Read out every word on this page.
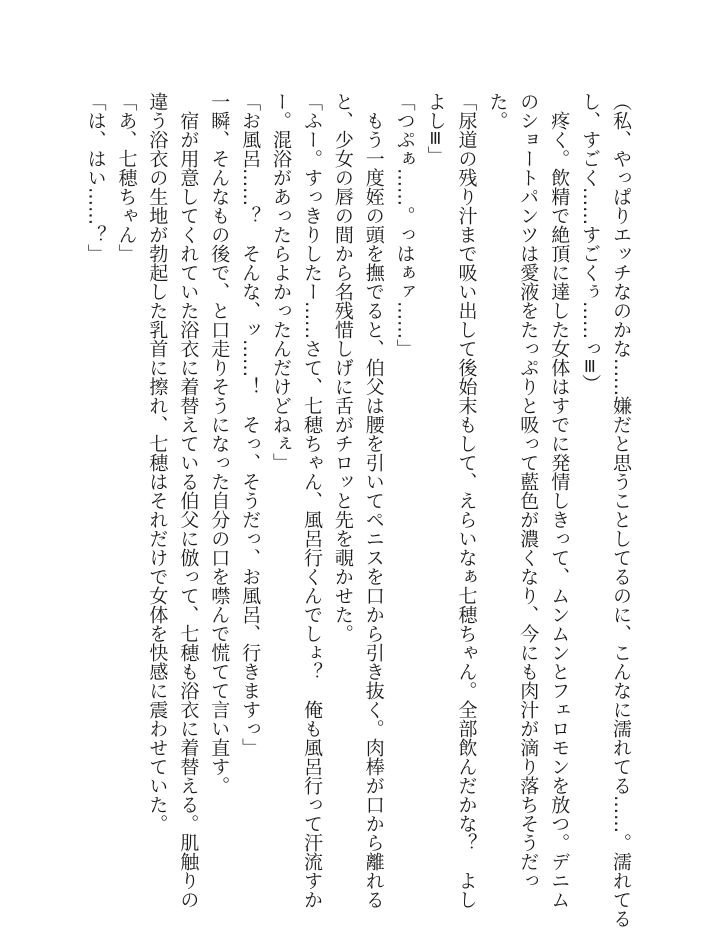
（私、やっぱりエッチなのかな……嫌だと思うことしてるのに、こんなに濡れてる……。濡れてる
し、すごく……すごくぅ……っ≡）
　疼く。飲精で絶頂に達した女体はすでに発情しきって、ムンムンとフェロモンを放つ。デニム
のショートパンツは愛液をたっぷりと吸って藍色が濃くなり、今にも肉汁が滴り落ちそうだっ
た。
「尿道の残り汁まで吸い出して後始末もして、えらいなぁ七穂ちゃん。全部飲んだかな？　よし
よし≡」
「つぷぁ……。っはぁァ……」
　もう一度姪の頭を撫でると、伯父は腰を引いてペニスを口から引き抜く。肉棒が口から離れる
と、少女の唇の間から名残惜しげに舌がチロッと先を覗かせた。
「ふー。すっきりしたー……さて、七穂ちゃん、風呂行くんでしょ？　俺も風呂行って汗流すか
ー。混浴があったらよかったんだけどねぇ」
「お風呂……？　そんな、ッ……！　そっ、そうだっ、お風呂、行きますっ」
一瞬、そんなもの後で、と口走りそうになった自分の口を噤んで慌てて言い直す。
　宿が用意してくれていた浴衣に着替えている伯父に倣って、七穂も浴衣に着替える。肌触りの
違う浴衣の生地が勃起した乳首に擦れ、七穂はそれだけで女体を快感に震わせていた。
「あ、七穂ちゃん」
「は、はい……？」
